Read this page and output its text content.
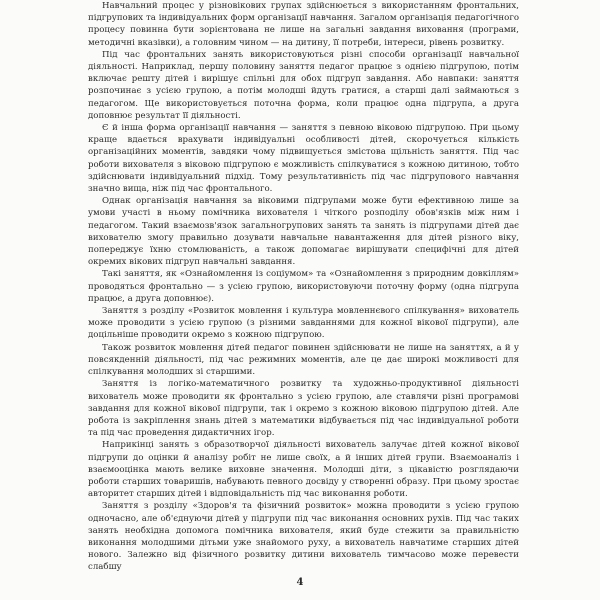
Навчальний процес у різновікових групах здійснюється з використанням фронтальних, підгрупових та індивідуальних форм організації навчання. Загалом організація педагогічного процесу повинна бути зорієнтована не лише на загальні завдання виховання (програми, методичні вказівки), а головним чином — на дитину, її потреби, інтереси, рівень розвитку.

Під час фронтальних занять використовуються різні способи організації навчальної діяльності. Наприклад, першу половину заняття педагог працює з однією підгрупою, потім включає решту дітей і вирішує спільні для обох підгруп завдання. Або навпаки: заняття розпочинає з усією групою, а потім молодші йдуть гратися, а старші далі займаються з педагогом. Ще використовується поточна форма, коли працює одна підгрупа, а друга доповнює результат її діяльності.

Є й інша форма організації навчання — заняття з певною віковою підгрупою. При цьому краще вдається врахувати індивідуальні особливості дітей, скорочується кількість організаційних моментів, завдяки чому підвищується змістова щільність заняття. Під час роботи вихователя з віковою підгрупою є можливість спілкуватися з кожною дитиною, тобто здійснювати індивідуальний підхід. Тому результативність під час підгрупового навчання значно вища, ніж під час фронтального.

Однак організація навчання за віковими підгрупами може бути ефективною лише за умови участі в ньому помічника вихователя і чіткого розподілу обов'язків між ним і педагогом. Такий взаємозв'язок загальногрупових занять та занять із підгрупами дітей дає вихователю змогу правильно дозувати навчальне навантаження для дітей різного віку, попереджує їхню стомлюваність, а також допомагає вирішувати специфічні для дітей окремих вікових підгруп навчальні завдання.

Такі заняття, як «Ознайомлення із соціумом» та «Ознайомлення з природним довкіллям» проводяться фронтально — з усією групою, використовуючи поточну форму (одна підгрупа працює, а друга доповнює).

Заняття з розділу «Розвиток мовлення і культура мовленнєвого спілкування» вихователь може проводити з усією групою (з різними завданнями для кожної вікової підгрупи), але доцільніше проводити окремо з кожною підгрупою.

Також розвиток мовлення дітей педагог повинен здійснювати не лише на заняттях, а й у повсякденній діяльності, під час режимних моментів, але це дає широкі можливості для спілкування молодших зі старшими.

Заняття із логіко-математичного розвитку та художньо-продуктивної діяльності вихователь може проводити як фронтально з усією групою, але ставлячи різні програмові завдання для кожної вікової підгрупи, так і окремо з кожною віковою підгрупою дітей. Але робота із закріплення знань дітей з математики відбувається під час індивідуальної роботи та під час проведення дидактичних ігор.

Наприкінці занять з образотворчої діяльності вихователь залучає дітей кожної вікової підгрупи до оцінки й аналізу робіт не лише своїх, а й інших дітей групи. Взаємоаналіз і взаємооцінка мають велике виховне значення. Молодші діти, з цікавістю розглядаючи роботи старших товаришів, набувають певного досвіду у створенні образу. При цьому зростає авторитет старших дітей і відповідальність під час виконання роботи.

Заняття з розділу «Здоров'я та фізичний розвиток» можна проводити з усією групою одночасно, але об'єднуючи дітей у підгрупи під час виконання основних рухів. Під час таких занять необхідна допомога помічника вихователя, який буде стежити за правильністю виконання молодшими дітьми уже знайомого руху, а вихователь навчатиме старших дітей нового. Залежно від фізичного розвитку дитини вихователь тимчасово може перевести слабшу

4
